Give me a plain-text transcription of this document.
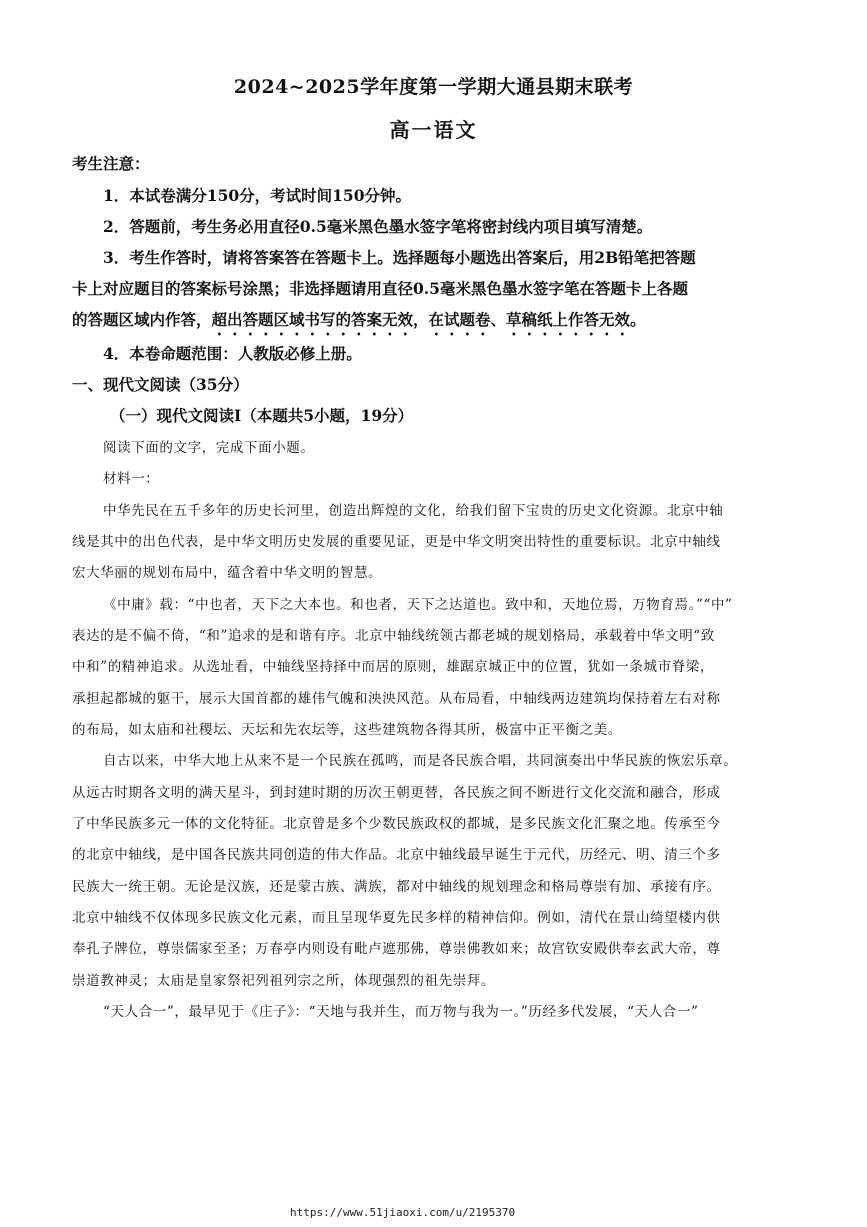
2024~2025学年度第一学期大通县期末联考
高一语文
考生注意：
1．本试卷满分150分，考试时间150分钟。
2．答题前，考生务必用直径0.5毫米黑色墨水签字笔将密封线内项目填写清楚。
3．考生作答时，请将答案答在答题卡上。选择题每小题选出答案后，用2B铅笔把答题
卡上对应题目的答案标号涂黑；非选择题请用直径0.5毫米黑色墨水签字笔在答题卡上各题
的答题区域内作答，超出答题区域书写的答案无效，在试题卷、草稿纸上作答无效。
4．本卷命题范围：人教版必修上册。
一、现代文阅读（35分）
（一）现代文阅读Ⅰ（本题共5小题，19分）
阅读下面的文字，完成下面小题。
材料一：
中华先民在五千多年的历史长河里，创造出辉煌的文化，给我们留下宝贵的历史文化资源。北京中轴
线是其中的出色代表，是中华文明历史发展的重要见证，更是中华文明突出特性的重要标识。北京中轴线
宏大华丽的规划布局中，蕴含着中华文明的智慧。
《中庸》载：“中也者，天下之大本也。和也者，天下之达道也。致中和，天地位焉，万物育焉。”“中”
表达的是不偏不倚，“和”追求的是和谐有序。北京中轴线统领古都老城的规划格局，承载着中华文明“致
中和”的精神追求。从选址看，中轴线坚持择中而居的原则，雄踞京城正中的位置，犹如一条城市脊梁，
承担起都城的躯干，展示大国首都的雄伟气魄和泱泱风范。从布局看，中轴线两边建筑均保持着左右对称
的布局，如太庙和社稷坛、天坛和先农坛等，这些建筑物各得其所，极富中正平衡之美。
自古以来，中华大地上从来不是一个民族在孤鸣，而是各民族合唱，共同演奏出中华民族的恢宏乐章。
从远古时期各文明的满天星斗，到封建时期的历次王朝更替，各民族之间不断进行文化交流和融合，形成
了中华民族多元一体的文化特征。北京曾是多个少数民族政权的都城，是多民族文化汇聚之地。传承至今
的北京中轴线，是中国各民族共同创造的伟大作品。北京中轴线最早诞生于元代，历经元、明、清三个多
民族大一统王朝。无论是汉族，还是蒙古族、满族，都对中轴线的规划理念和格局尊崇有加、承接有序。
北京中轴线不仅体现多民族文化元素，而且呈现华夏先民多样的精神信仰。例如，清代在景山绮望楼内供
奉孔子牌位，尊崇儒家至圣；万春亭内则设有毗卢遮那佛，尊崇佛教如来；故宫钦安殿供奉玄武大帝，尊
崇道教神灵；太庙是皇家祭祀列祖列宗之所，体现强烈的祖先崇拜。
“天人合一”，最早见于《庄子》：“天地与我并生，而万物与我为一。”历经多代发展，“天人合一”
https://www.51jiaoxi.com/u/2195370
